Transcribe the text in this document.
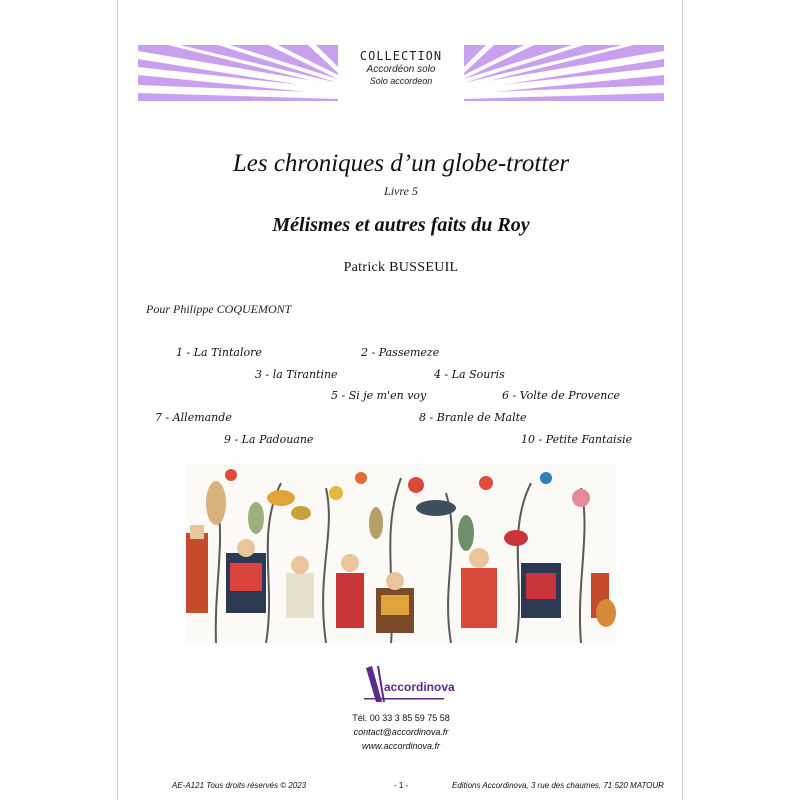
COLLECTION
Accordéon solo
Solo accordeon
Les chroniques d’un globe-trotter
Livre 5
Mélismes et autres faits du Roy
Patrick BUSSEUIL
Pour Philippe COQUEMONT
1 - La Tintalore	2 - Passemeze
3 - la Tirantine	4 - La Souris
5 - Si je m'en voy	6 - Volte de Provence
7 - Allemande	8 - Branle de Malte
9 - La Padouane	10 - Petite Fantaisie
accordinova
Tél. 00 33 3 85 59 75 58
contact@accordinova.fr
www.accordinova.fr
AE-A121 Tous droits réservés © 2023	- 1 -	Editions Accordinova, 3 rue des chaumes, 71 520 MATOUR
